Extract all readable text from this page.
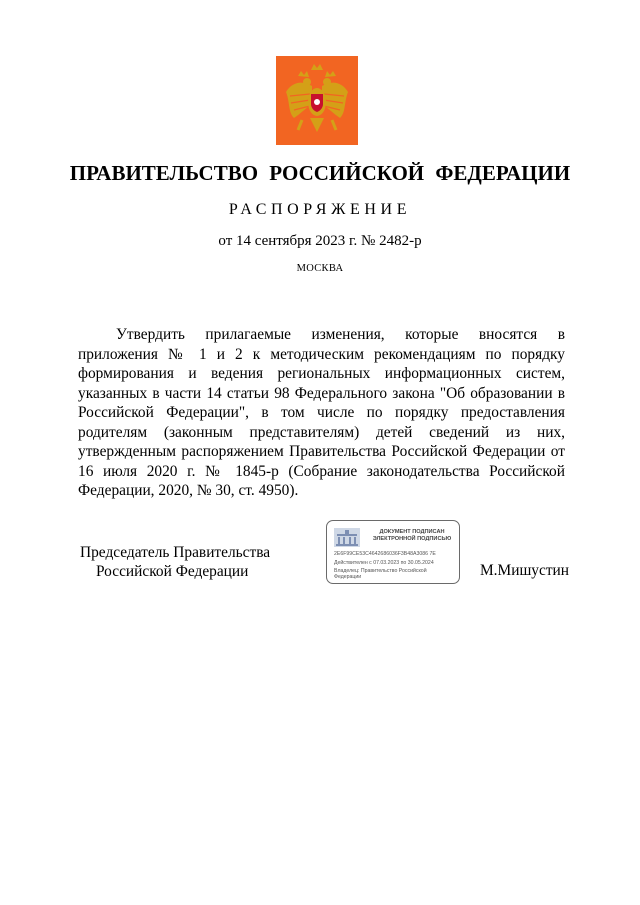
ПРАВИТЕЛЬСТВО РОССИЙСКОЙ ФЕДЕРАЦИИ
РАСПОРЯЖЕНИЕ
от 14 сентября 2023 г. № 2482-р
МОСКВА

Утвердить прилагаемые изменения, которые вносятся в приложения № 1 и 2 к методическим рекомендациям по порядку формирования и ведения региональных информационных систем, указанных в части 14 статьи 98 Федерального закона "Об образовании в Российской Федерации", в том числе по порядку предоставления родителям (законным представителям) детей сведений из них, утвержденным распоряжением Правительства Российской Федерации от 16 июля 2020 г. № 1845-р (Собрание законодательства Российской Федерации, 2020, № 30, ст. 4950).

Председатель Правительства
Российской Федерации
ДОКУМЕНТ ПОДПИСАН
ЭЛЕКТРОННОЙ ПОДПИСЬЮ
2E6F99CE53C4642686036F3B48A3086 7E
Действителен с 07.03.2023 по 30.05.2024
Владелец: Правительство Российской Федерации	М.Мишустин
